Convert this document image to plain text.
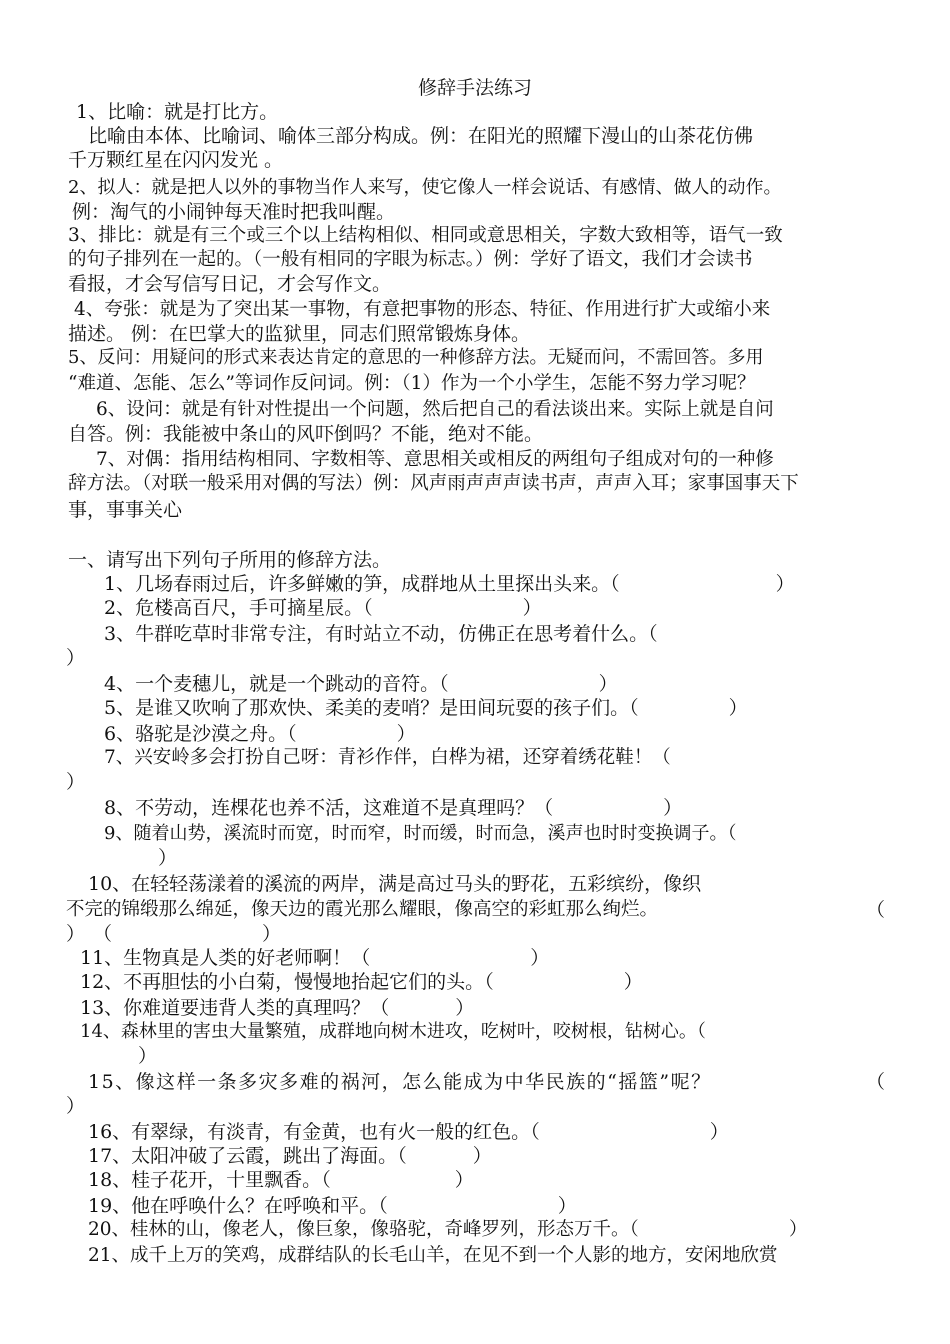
修辞手法练习
1、比喻：就是打比方。
比喻由本体、比喻词、喻体三部分构成。例：在阳光的照耀下漫山的山茶花仿佛
千万颗红星在闪闪发光 。
2、拟人：就是把人以外的事物当作人来写，使它像人一样会说话、有感情、做人的动作。
例：淘气的小闹钟每天准时把我叫醒。
3、排比：就是有三个或三个以上结构相似、相同或意思相关，字数大致相等，语气一致
的句子排列在一起的。（一般有相同的字眼为标志。）例：学好了语文，我们才会读书
看报，才会写信写日记，才会写作文。
4、夸张：就是为了突出某一事物，有意把事物的形态、特征、作用进行扩大或缩小来
描述。 例：在巴掌大的监狱里，同志们照常锻炼身体。
5、反问：用疑问的形式来表达肯定的意思的一种修辞方法。无疑而问，不需回答。多用
“难道、怎能、怎么”等词作反问词。例：（1）作为一个小学生，怎能不努力学习呢？
6、设问：就是有针对性提出一个问题，然后把自己的看法谈出来。实际上就是自问
自答。例：我能被中条山的风吓倒吗？不能，绝对不能。
7、对偶：指用结构相同、字数相等、意思相关或相反的两组句子组成对句的一种修
辞方法。（对联一般采用对偶的写法）例：风声雨声声声读书声，声声入耳；家事国事天下
事，事事关心
一、请写出下列句子所用的修辞方法。
1、几场春雨过后，许多鲜嫩的笋，成群地从土里探出头来。（	）
2、危楼高百尺，手可摘星辰。（	）
3、牛群吃草时非常专注，有时站立不动，仿佛正在思考着什么。（
）
4、一个麦穗儿，就是一个跳动的音符。（	）
5、是谁又吹响了那欢快、柔美的麦哨？是田间玩耍的孩子们。（	）
6、骆驼是沙漠之舟。（	）
7、兴安岭多会打扮自己呀：青衫作伴，白桦为裙，还穿着绣花鞋！（
）
8、不劳动，连棵花也养不活，这难道不是真理吗？（	）
9、随着山势，溪流时而宽，时而窄，时而缓，时而急，溪声也时时变换调子。（
）
10、在轻轻荡漾着的溪流的两岸，满是高过马头的野花，五彩缤纷，像织
不完的锦缎那么绵延，像天边的霞光那么耀眼，像高空的彩虹那么绚烂。	（
） （	）
11、生物真是人类的好老师啊！（	）
12、不再胆怯的小白菊，慢慢地抬起它们的头。（	）
13、你难道要违背人类的真理吗？（	）
14、森林里的害虫大量繁殖，成群地向树木进攻，吃树叶，咬树根，钻树心。（
）
15、像这样一条多灾多难的祸河，怎么能成为中华民族的“摇篮”呢？	（
）
16、有翠绿，有淡青，有金黄，也有火一般的红色。（	）
17、太阳冲破了云霞，跳出了海面。（	）
18、桂子花开，十里飘香。（	）
19、他在呼唤什么？在呼唤和平。（	）
20、桂林的山，像老人，像巨象，像骆驼，奇峰罗列，形态万千。（	）
21、成千上万的笑鸡，成群结队的长毛山羊，在见不到一个人影的地方，安闲地欣赏
